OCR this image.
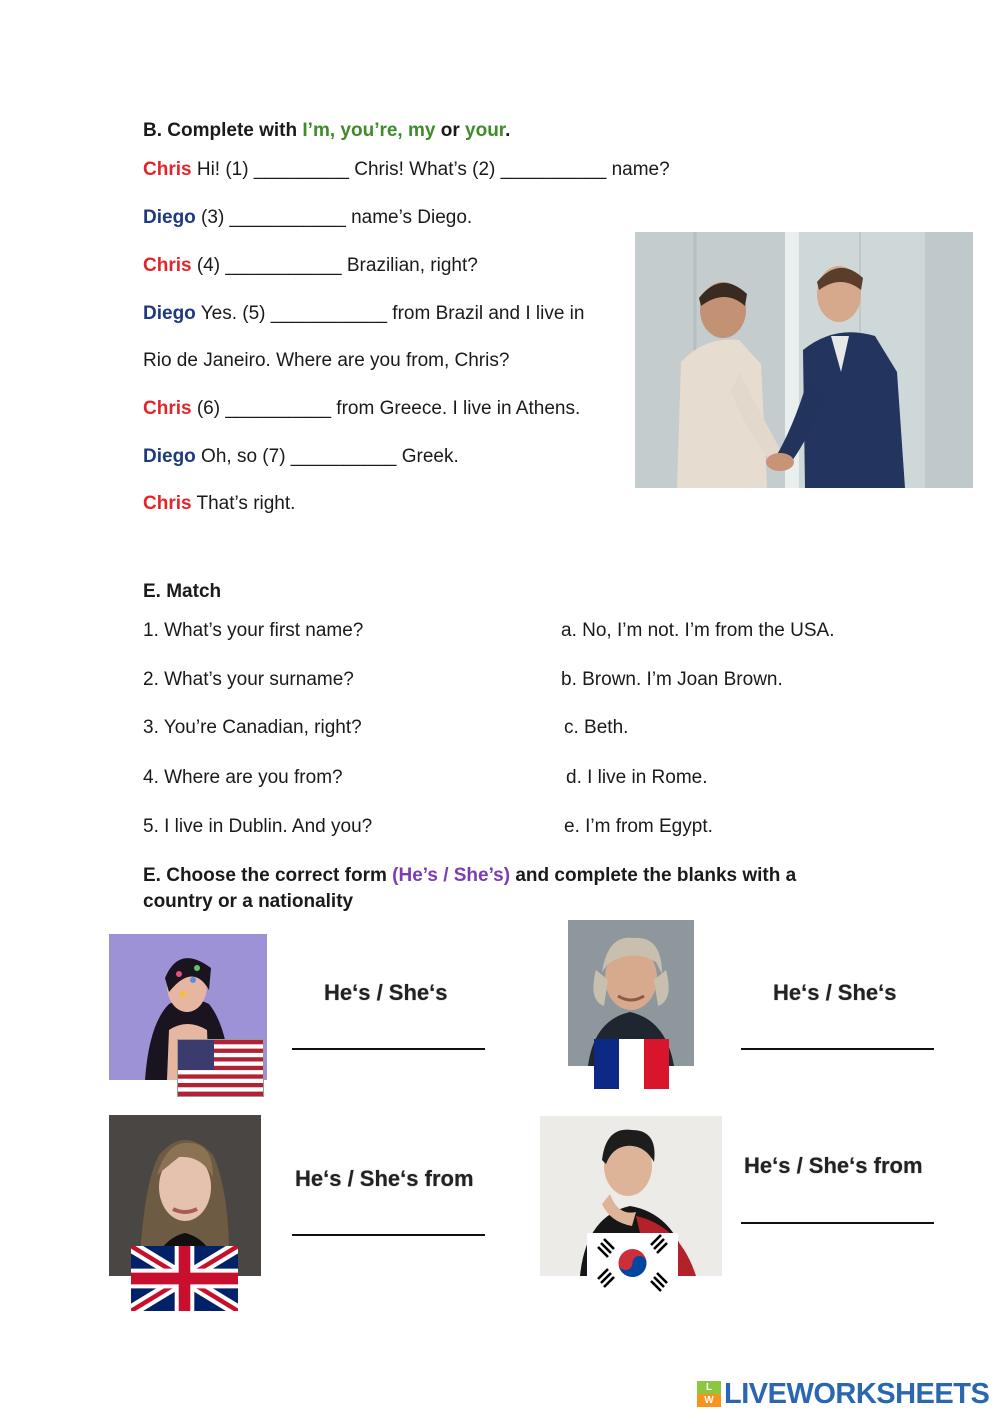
B. Complete with I’m, you’re, my or your.
Chris Hi! (1) _________ Chris! What’s (2) __________ name?
Diego (3) ___________ name’s Diego.
Chris (4) ___________ Brazilian, right?
Diego Yes. (5) ___________ from Brazil and I live in
Rio de Janeiro. Where are you from, Chris?
Chris (6) __________ from Greece. I live in Athens.
Diego Oh, so (7) __________ Greek.
Chris That’s right.
E. Match
1. What’s your first name?
2. What’s your surname?
3. You’re Canadian, right?
4. Where are you from?
5. I live in Dublin. And you?
a. No, I’m not. I’m from the USA.
b. Brown. I’m Joan Brown.
c. Beth.
d. I live in Rome.
e. I’m from Egypt.
E. Choose the correct form (He’s / She’s) and complete the blanks with a
country or a nationality
He‘s / She‘s	He‘s / She‘s
He‘s / She‘s from
He‘s / She‘s from
L
W LIVEWORKSHEETS
